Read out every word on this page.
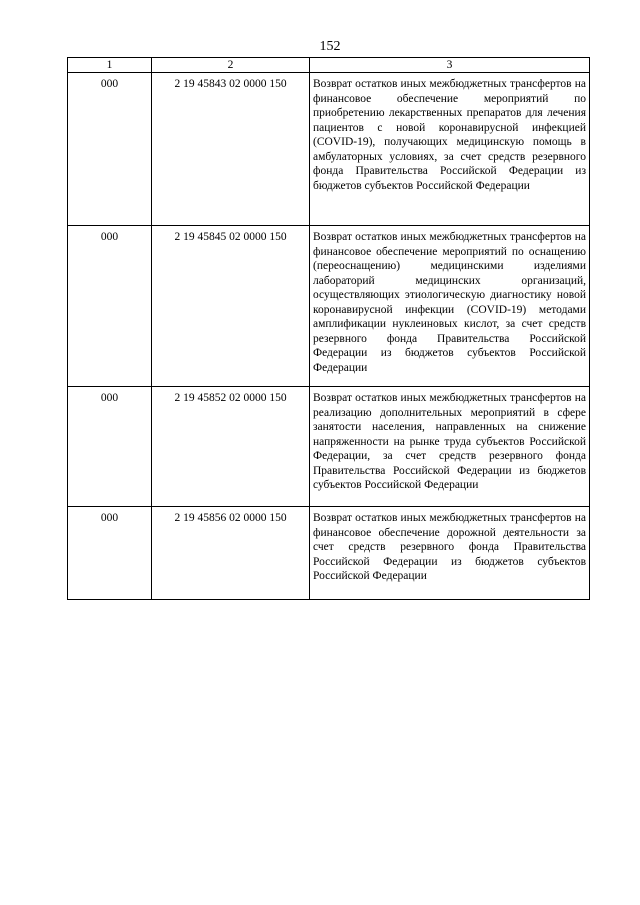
152
1	2	3
000	2 19 45843 02 0000 150	Возврат остатков иных межбюджетных трансфертов на финансовое обеспечение мероприятий по приобретению лекарственных препаратов для лечения пациентов с новой коронавирусной инфекцией (COVID-19), получающих медицинскую помощь в амбулаторных условиях, за счет средств резервного фонда Правительства Российской Федерации из бюджетов субъектов Российской Федерации
000	2 19 45845 02 0000 150	Возврат остатков иных межбюджетных трансфертов на финансовое обеспечение мероприятий по оснащению (переоснащению) медицинскими изделиями лабораторий медицинских организаций, осуществляющих этиологическую диагностику новой коронавирусной инфекции (COVID-19) методами амплификации нуклеиновых кислот, за счет средств резервного фонда Правительства Российской Федерации из бюджетов субъектов Российской Федерации
000	2 19 45852 02 0000 150	Возврат остатков иных межбюджетных трансфертов на реализацию дополнительных мероприятий в сфере занятости населения, направленных на снижение напряженности на рынке труда субъектов Российской Федерации, за счет средств резервного фонда Правительства Российской Федерации из бюджетов субъектов Российской Федерации
000	2 19 45856 02 0000 150	Возврат остатков иных межбюджетных трансфертов на финансовое обеспечение дорожной деятельности за счет средств резервного фонда Правительства Российской Федерации из бюджетов субъектов Российской Федерации
